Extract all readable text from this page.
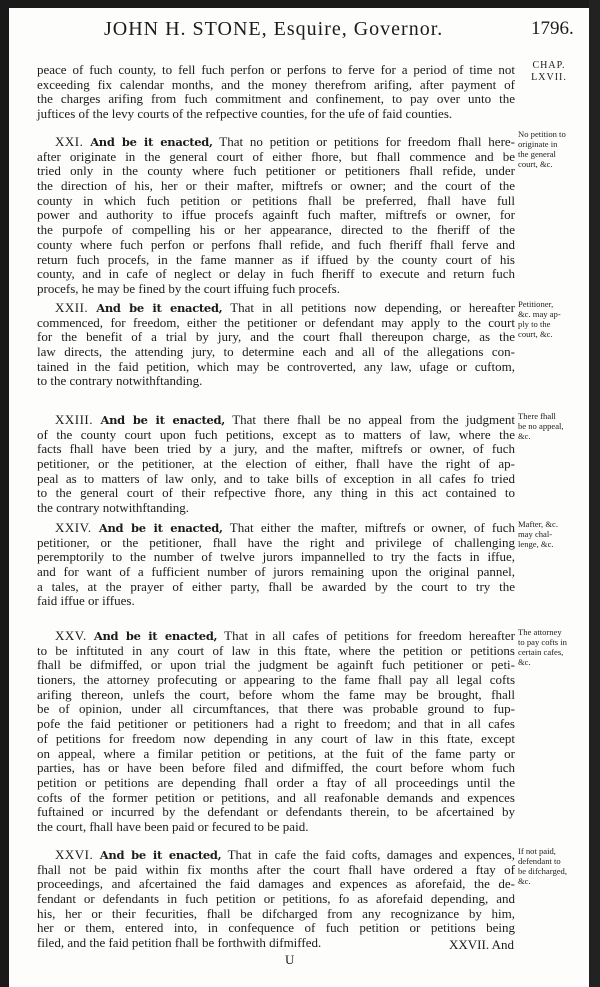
JOHN H. STONE, Esquire, Governor.	1796.
peace of fuch county, to fell fuch perfon or perfons to ferve for a period of time not
exceeding fix calendar months, and the money therefrom arifing, after payment of
the charges arifing from fuch commitment and confinement, to pay over unto the
juftices of the levy courts of the refpective counties, for the ufe of faid counties.
CHAP.
LXVII.
XXI. And be it enacted, That no petition or petitions for freedom fhall here-
after originate in the general court of either fhore, but fhall commence and be
tried only in the county where fuch petitioner or petitioners fhall refide, under
the direction of his, her or their mafter, miftrefs or owner; and the court of the
county in which fuch petition or petitions fhall be preferred, fhall have full
power and authority to iffue procefs againft fuch mafter, miftrefs or owner, for
the purpofe of compelling his or her appearance, directed to the fheriff of the
county where fuch perfon or perfons fhall refide, and fuch fheriff fhall ferve and
return fuch procefs, in the fame manner as if iffued by the county court of his
county, and in cafe of neglect or delay in fuch fheriff to execute and return fuch
procefs, he may be fined by the court iffuing fuch procefs.
No petition to
originate in
the general
court, &c.
XXII. And be it enacted, That in all petitions now depending, or hereafter
commenced, for freedom, either the petitioner or defendant may apply to the court
for the benefit of a trial by jury, and the court fhall thereupon charge, as the
law directs, the attending jury, to determine each and all of the allegations con-
tained in the faid petition, which may be controverted, any law, ufage or cuftom,
to the contrary notwithftanding.
Petitioner,
&c. may ap-
ply to the
court, &c.
XXIII. And be it enacted, That there fhall be no appeal from the judgment
of the county court upon fuch petitions, except as to matters of law, where the
facts fhall have been tried by a jury, and the mafter, miftrefs or owner, of fuch
petitioner, or the petitioner, at the election of either, fhall have the right of ap-
peal as to matters of law only, and to take bills of exception in all cafes fo tried
to the general court of their refpective fhore, any thing in this act contained to
the contrary notwithftanding.
There fhall
be no appeal,
&c.
XXIV. And be it enacted, That either the mafter, miftrefs or owner, of fuch
petitioner, or the petitioner, fhall have the right and privilege of challenging
peremptorily to the number of twelve jurors impannelled to try the facts in iffue,
and for want of a fufficient number of jurors remaining upon the original pannel,
a tales, at the prayer of either party, fhall be awarded by the court to try the
faid iffue or iffues.
Mafter, &c.
may chal-
lenge, &c.
XXV. And be it enacted, That in all cafes of petitions for freedom hereafter
to be inftituted in any court of law in this ftate, where the petition or petitions
fhall be difmiffed, or upon trial the judgment be againft fuch petitioner or peti-
tioners, the attorney profecuting or appearing to the fame fhall pay all legal cofts
arifing thereon, unlefs the court, before whom the fame may be brought, fhall
be of opinion, under all circumftances, that there was probable ground to fup-
pofe the faid petitioner or petitioners had a right to freedom; and that in all cafes
of petitions for freedom now depending in any court of law in this ftate, except
on appeal, where a fimilar petition or petitions, at the fuit of the fame party or
parties, has or have been before filed and difmiffed, the court before whom fuch
petition or petitions are depending fhall order a ftay of all proceedings until the
cofts of the former petition or petitions, and all reafonable demands and expences
fuftained or incurred by the defendant or defendants therein, to be afcertained by
the court, fhall have been paid or fecured to be paid.
The attorney
to pay cofts in
certain cafes,
&c.
XXVI. And be it enacted, That in cafe the faid cofts, damages and expences,
fhall not be paid within fix months after the court fhall have ordered a ftay of
proceedings, and afcertained the faid damages and expences as aforefaid, the de-
fendant or defendants in fuch petition or petitions, fo as aforefaid depending, and
his, her or their fecurities, fhall be difcharged from any recognizance by him,
her or them, entered into, in confequence of fuch petition or petitions being
filed, and the faid petition fhall be forthwith difmiffed.
If not paid,
defendant to
be difcharged,
&c.
U
XXVII. And
